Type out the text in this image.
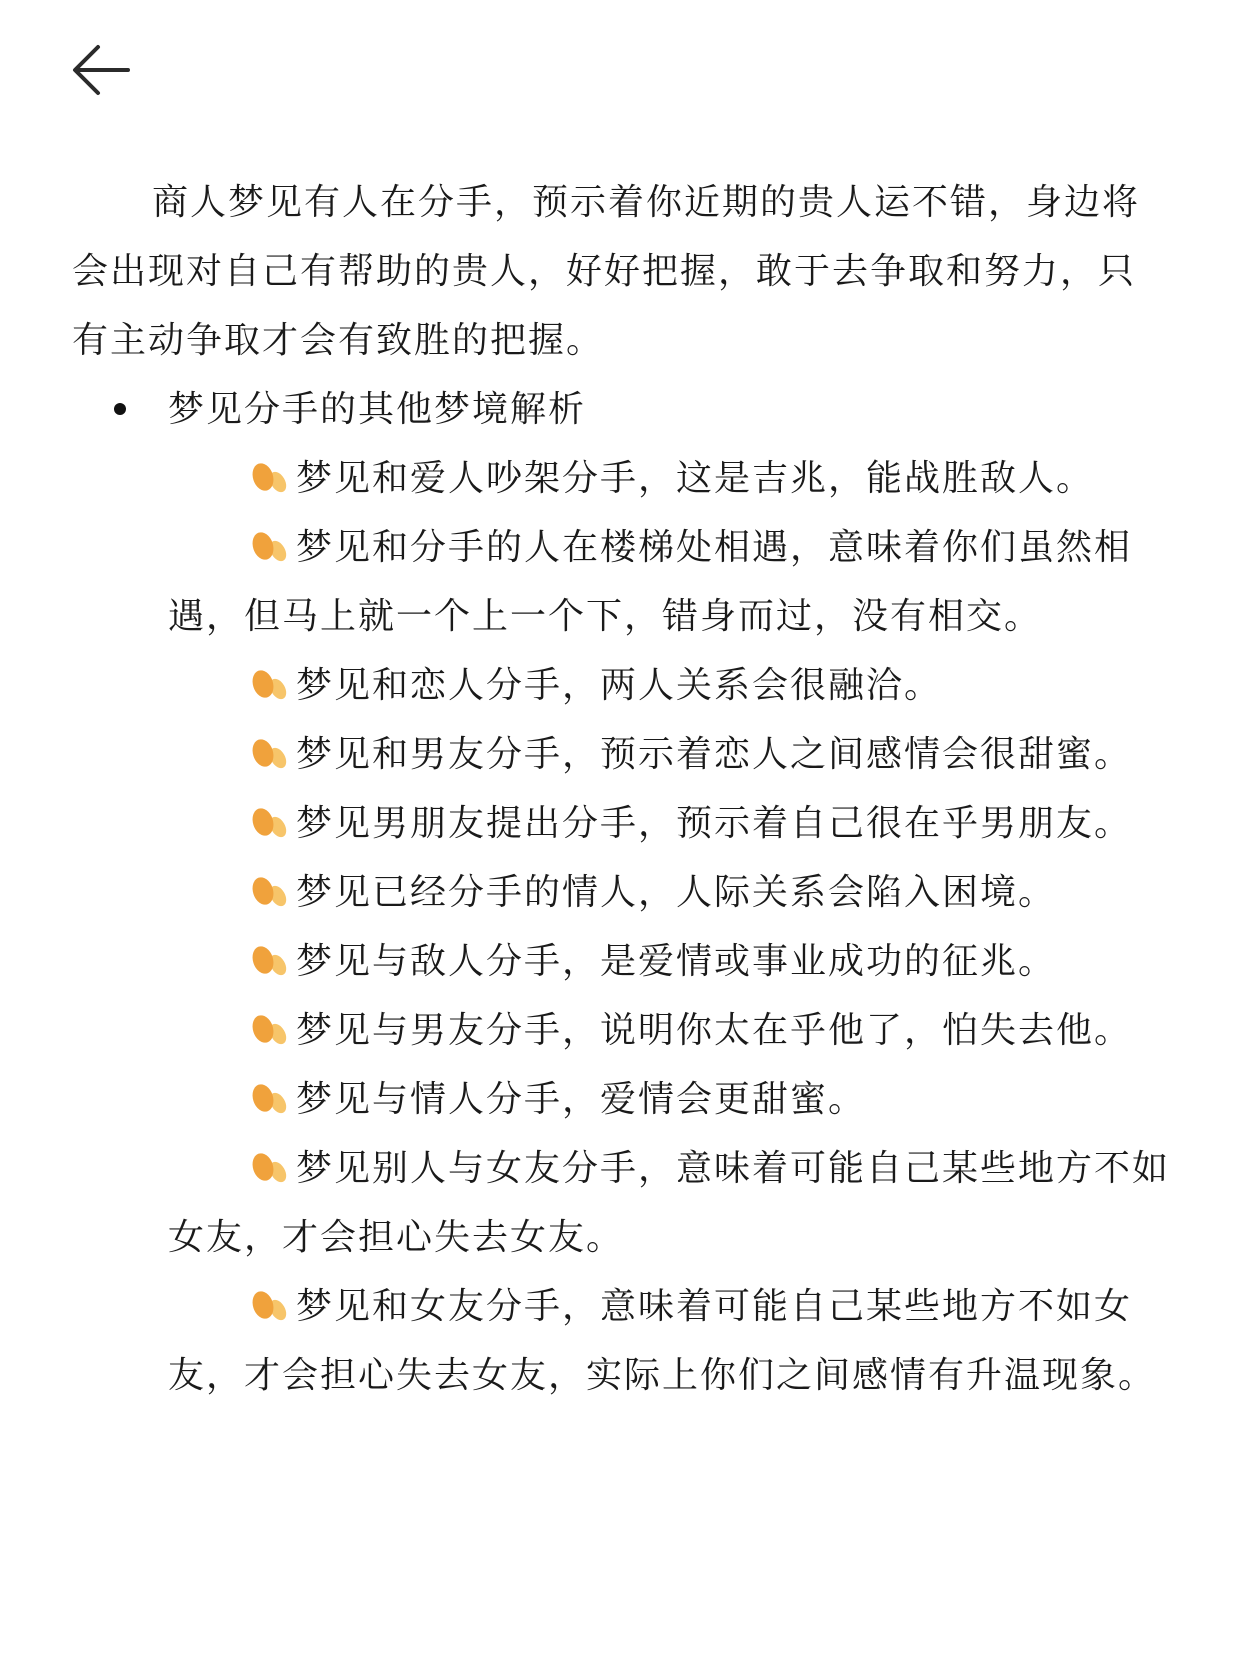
商人梦见有人在分手，预示着你近期的贵人运不错，身边将会出现对自己有帮助的贵人，好好把握，敢于去争取和努力，只有主动争取才会有致胜的把握。

梦见分手的其他梦境解析
梦见和爱人吵架分手，这是吉兆，能战胜敌人。
梦见和分手的人在楼梯处相遇，意味着你们虽然相遇，但马上就一个上一个下，错身而过，没有相交。
梦见和恋人分手，两人关系会很融洽。
梦见和男友分手，预示着恋人之间感情会很甜蜜。
梦见男朋友提出分手，预示着自己很在乎男朋友。
梦见已经分手的情人，人际关系会陷入困境。
梦见与敌人分手，是爱情或事业成功的征兆。
梦见与男友分手，说明你太在乎他了，怕失去他。
梦见与情人分手，爱情会更甜蜜。
梦见别人与女友分手，意味着可能自己某些地方不如女友，才会担心失去女友。
梦见和女友分手，意味着可能自己某些地方不如女友，才会担心失去女友，实际上你们之间感情有升温现象。
